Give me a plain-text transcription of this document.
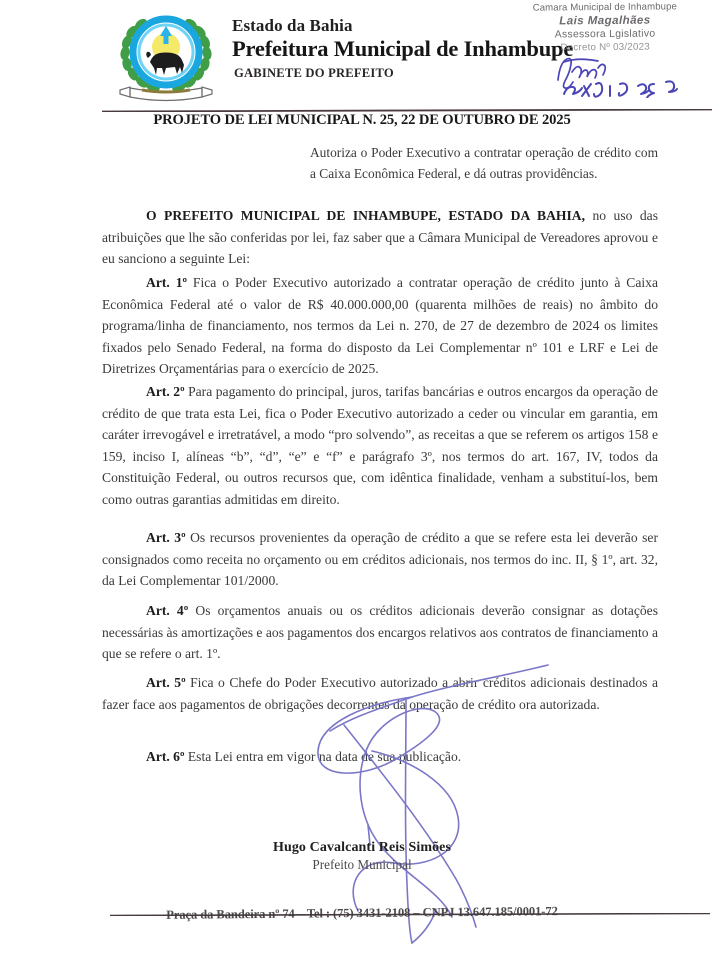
Estado da Bahia
Prefeitura Municipal de Inhambupe
GABINETE DO PREFEITO
Camara Municipal de Inhambupe
Lais Magalhães
Assessora Lgislativo
Decreto Nº 03/2023
PROJETO DE LEI MUNICIPAL N. 25, 22 DE OUTUBRO DE 2025
Autoriza o Poder Executivo a contratar operação de crédito com a Caixa Econômica Federal, e dá outras providências.
O PREFEITO MUNICIPAL DE INHAMBUPE, ESTADO DA BAHIA, no uso das atribuições que lhe são conferidas por lei, faz saber que a Câmara Municipal de Vereadores aprovou e eu sanciono a seguinte Lei:
Art. 1º Fica o Poder Executivo autorizado a contratar operação de crédito junto à Caixa Econômica Federal até o valor de R$ 40.000.000,00 (quarenta milhões de reais) no âmbito do programa/linha de financiamento, nos termos da Lei n. 270, de 27 de dezembro de 2024 os limites fixados pelo Senado Federal, na forma do disposto da Lei Complementar nº 101 e LRF e Lei de Diretrizes Orçamentárias para o exercício de 2025.
Art. 2º Para pagamento do principal, juros, tarifas bancárias e outros encargos da operação de crédito de que trata esta Lei, fica o Poder Executivo autorizado a ceder ou vincular em garantia, em caráter irrevogável e irretratável, a modo “pro solvendo”, as receitas a que se referem os artigos 158 e 159, inciso I, alíneas “b”, “d”, “e” e “f” e parágrafo 3º, nos termos do art. 167, IV, todos da Constituição Federal, ou outros recursos que, com idêntica finalidade, venham a substituí-los, bem como outras garantias admitidas em direito.
Art. 3º Os recursos provenientes da operação de crédito a que se refere esta lei deverão ser consignados como receita no orçamento ou em créditos adicionais, nos termos do inc. II, § 1º, art. 32, da Lei Complementar 101/2000.
Art. 4º Os orçamentos anuais ou os créditos adicionais deverão consignar as dotações necessárias às amortizações e aos pagamentos dos encargos relativos aos contratos de financiamento a que se refere o art. 1º.
Art. 5º Fica o Chefe do Poder Executivo autorizado a abrir créditos adicionais destinados a fazer face aos pagamentos de obrigações decorrentes da operação de crédito ora autorizada.
Art. 6º Esta Lei entra em vigor na data de sua publicação.
Hugo Cavalcanti Reis Simões
Prefeito Municipal
Praça da Bandeira nº 74 – Tel : (75) 3431-2108 – CNPJ 13.647.185/0001-72
